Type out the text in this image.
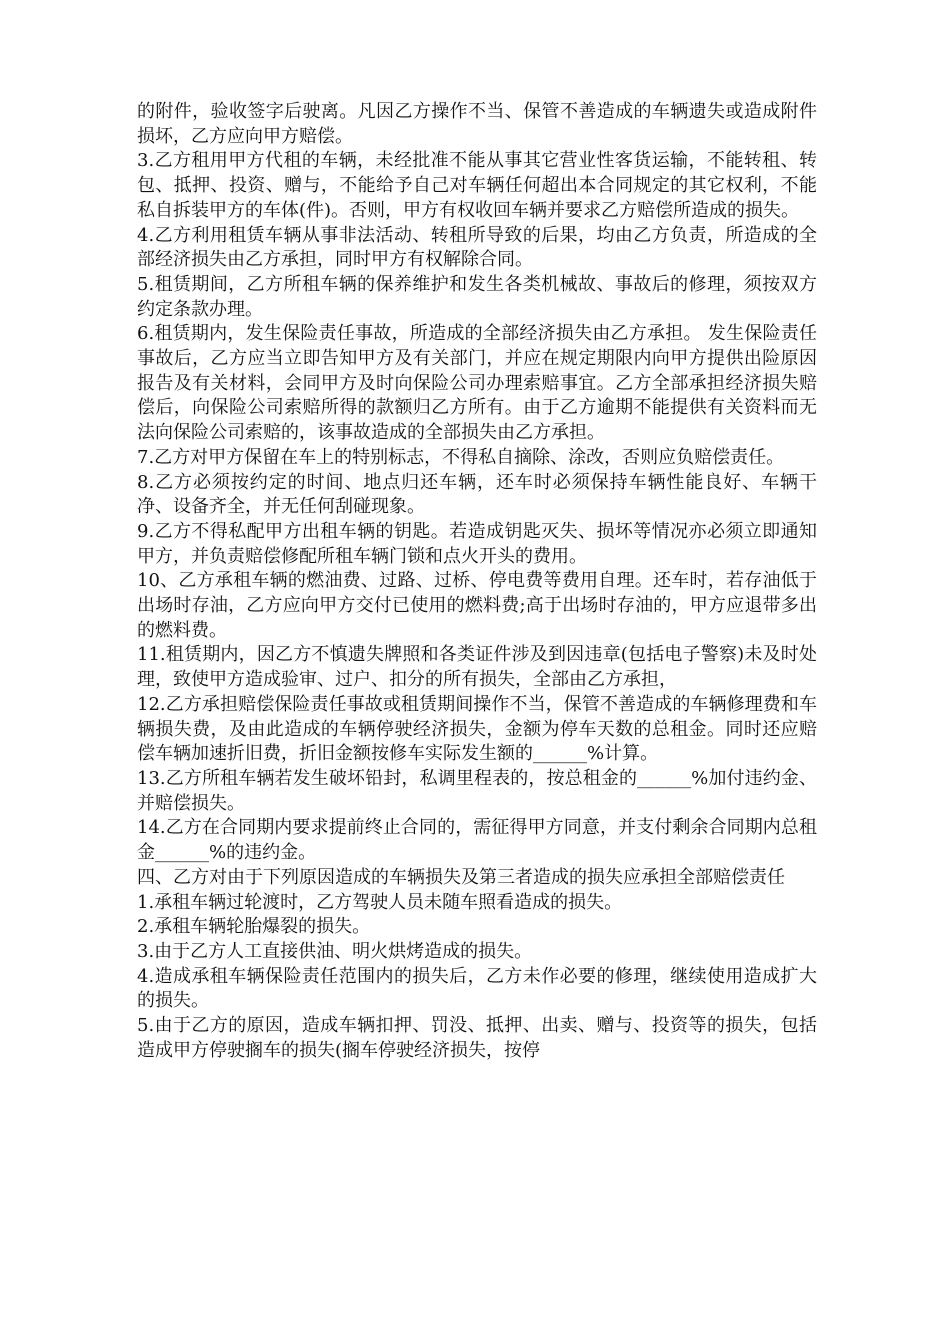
的附件，验收签字后驶离。凡因乙方操作不当、保管不善造成的车辆遗失或造成附件损坏，乙方应向甲方赔偿。

3.乙方租用甲方代租的车辆，未经批准不能从事其它营业性客货运输，不能转租、转包、抵押、投资、赠与，不能给予自己对车辆任何超出本合同规定的其它权利，不能私自拆装甲方的车体(件)。否则，甲方有权收回车辆并要求乙方赔偿所造成的损失。

4.乙方利用租赁车辆从事非法活动、转租所导致的后果，均由乙方负责，所造成的全部经济损失由乙方承担，同时甲方有权解除合同。

5.租赁期间，乙方所租车辆的保养维护和发生各类机械故、事故后的修理，须按双方约定条款办理。

6.租赁期内，发生保险责任事故，所造成的全部经济损失由乙方承担。 发生保险责任事故后，乙方应当立即告知甲方及有关部门，并应在规定期限内向甲方提供出险原因报告及有关材料，会同甲方及时向保险公司办理索赔事宜。乙方全部承担经济损失赔偿后，向保险公司索赔所得的款额归乙方所有。由于乙方逾期不能提供有关资料而无法向保险公司索赔的，该事故造成的全部损失由乙方承担。

7.乙方对甲方保留在车上的特别标志，不得私自摘除、涂改，否则应负赔偿责任。

8.乙方必须按约定的时间、地点归还车辆，还车时必须保持车辆性能良好、车辆干净、设备齐全，并无任何刮碰现象。

9.乙方不得私配甲方出租车辆的钥匙。若造成钥匙灭失、损坏等情况亦必须立即通知甲方，并负责赔偿修配所租车辆门锁和点火开头的费用。

10、乙方承租车辆的燃油费、过路、过桥、停电费等费用自理。还车时，若存油低于出场时存油，乙方应向甲方交付已使用的燃料费;高于出场时存油的，甲方应退带多出的燃料费。

11.租赁期内，因乙方不慎遗失牌照和各类证件涉及到因违章(包括电子警察)未及时处理，致使甲方造成验审、过户、扣分的所有损失，全部由乙方承担，

12.乙方承担赔偿保险责任事故或租赁期间操作不当，保管不善造成的车辆修理费和车辆损失费，及由此造成的车辆停驶经济损失，金额为停车天数的总租金。同时还应赔偿车辆加速折旧费，折旧金额按修车实际发生额的______%计算。

13.乙方所租车辆若发生破坏铅封，私调里程表的，按总租金的______%加付违约金、并赔偿损失。

14.乙方在合同期内要求提前终止合同的，需征得甲方同意，并支付剩余合同期内总租金______%的违约金。

四、乙方对由于下列原因造成的车辆损失及第三者造成的损失应承担全部赔偿责任

1.承租车辆过轮渡时，乙方驾驶人员未随车照看造成的损失。

2.承租车辆轮胎爆裂的损失。

3.由于乙方人工直接供油、明火烘烤造成的损失。

4.造成承租车辆保险责任范围内的损失后，乙方未作必要的修理，继续使用造成扩大的损失。

5.由于乙方的原因，造成车辆扣押、罚没、抵押、出卖、赠与、投资等的损失，包括造成甲方停驶搁车的损失(搁车停驶经济损失，按停
